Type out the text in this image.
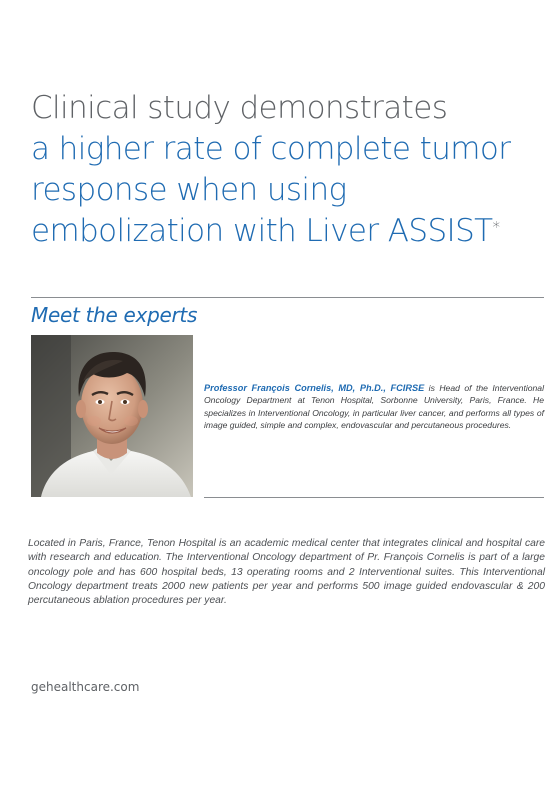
Clinical study demonstrates
a higher rate of complete tumor
response when using
embolization with Liver ASSIST*
Meet the experts

Professor François Cornelis, MD, Ph.D., FCIRSE is Head of the Interventional Oncology Department at Tenon Hospital, Sorbonne University, Paris, France. He specializes in Interventional Oncology, in particular liver cancer, and performs all types of image guided, simple and complex, endovascular and percutaneous procedures.

Located in Paris, France, Tenon Hospital is an academic medical center that integrates clinical and hospital care with research and education. The Interventional Oncology department of Pr. François Cornelis is part of a large oncology pole and has 600 hospital beds, 13 operating rooms and 2 Interventional suites. This Interventional Oncology department treats 2000 new patients per year and performs 500 image guided endovascular & 200 percutaneous ablation procedures per year.

gehealthcare.com
